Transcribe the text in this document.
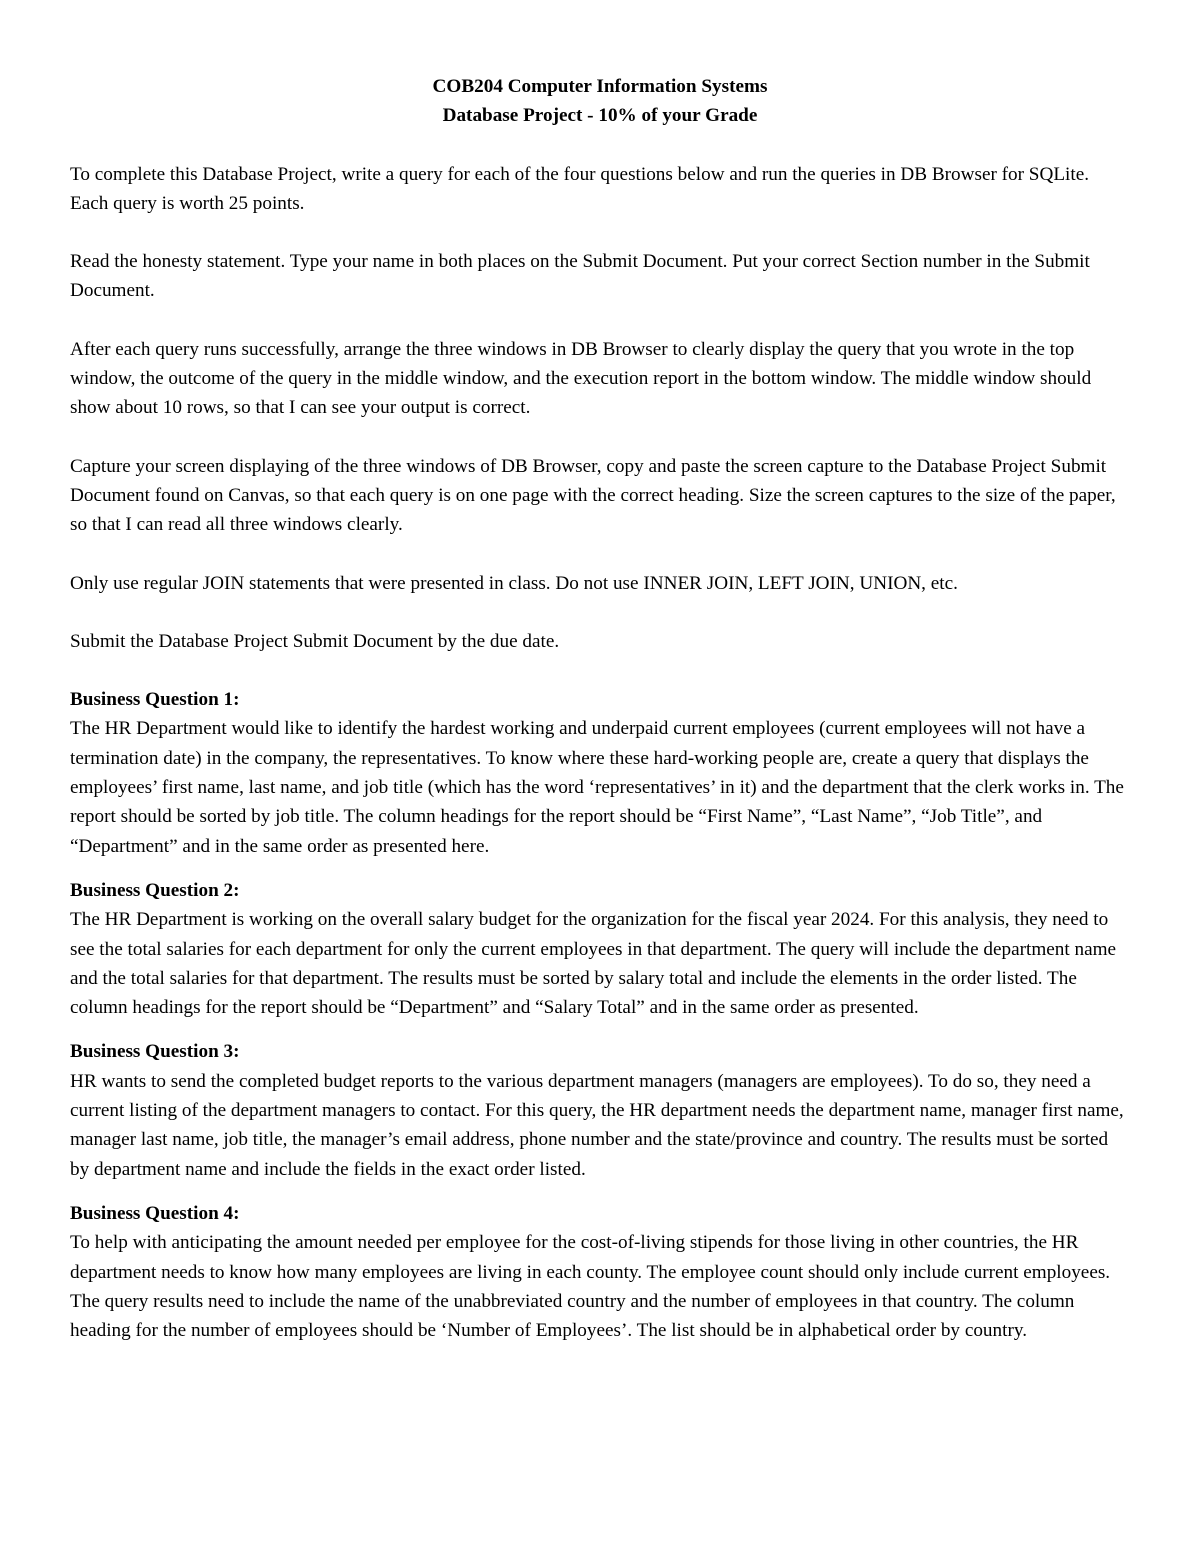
COB204 Computer Information Systems
Database Project - 10% of your Grade

To complete this Database Project, write a query for each of the four questions below and run the queries in DB Browser for SQLite. Each query is worth 25 points.

Read the honesty statement. Type your name in both places on the Submit Document. Put your correct Section number in the Submit Document.

After each query runs successfully, arrange the three windows in DB Browser to clearly display the query that you wrote in the top window, the outcome of the query in the middle window, and the execution report in the bottom window. The middle window should show about 10 rows, so that I can see your output is correct.

Capture your screen displaying of the three windows of DB Browser, copy and paste the screen capture to the Database Project Submit Document found on Canvas, so that each query is on one page with the correct heading. Size the screen captures to the size of the paper, so that I can read all three windows clearly.

Only use regular JOIN statements that were presented in class. Do not use INNER JOIN, LEFT JOIN, UNION, etc.

Submit the Database Project Submit Document by the due date.

Business Question 1:
The HR Department would like to identify the hardest working and underpaid current employees (current employees will not have a termination date) in the company, the representatives. To know where these hard-working people are, create a query that displays the employees’ first name, last name, and job title (which has the word ‘representatives’ in it) and the department that the clerk works in. The report should be sorted by job title. The column headings for the report should be “First Name”, “Last Name”, “Job Title”, and “Department” and in the same order as presented here.
Business Question 2:
The HR Department is working on the overall salary budget for the organization for the fiscal year 2024. For this analysis, they need to see the total salaries for each department for only the current employees in that department. The query will include the department name and the total salaries for that department. The results must be sorted by salary total and include the elements in the order listed. The column headings for the report should be “Department” and “Salary Total” and in the same order as presented.
Business Question 3:
HR wants to send the completed budget reports to the various department managers (managers are employees). To do so, they need a current listing of the department managers to contact. For this query, the HR department needs the department name, manager first name, manager last name, job title, the manager’s email address, phone number and the state/province and country. The results must be sorted by department name and include the fields in the exact order listed.
Business Question 4:
To help with anticipating the amount needed per employee for the cost-of-living stipends for those living in other countries, the HR department needs to know how many employees are living in each county. The employee count should only include current employees. The query results need to include the name of the unabbreviated country and the number of employees in that country. The column heading for the number of employees should be ‘Number of Employees’. The list should be in alphabetical order by country.
